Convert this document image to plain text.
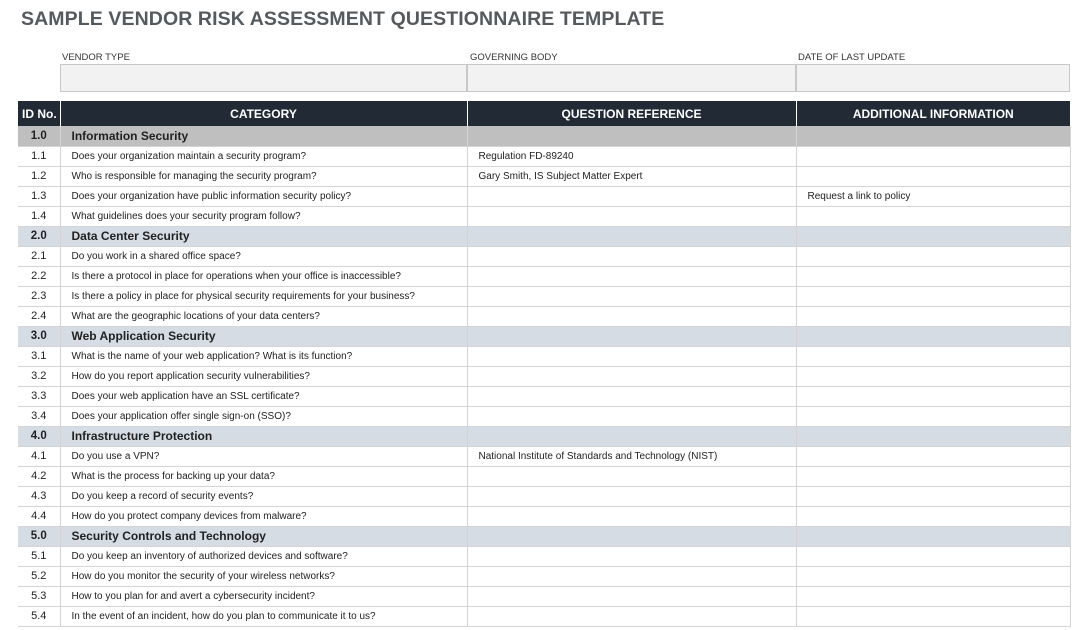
SAMPLE VENDOR RISK ASSESSMENT QUESTIONNAIRE TEMPLATE
VENDOR TYPE	GOVERNING BODY	DATE OF LAST UPDATE
ID No.	CATEGORY	QUESTION REFERENCE	ADDITIONAL INFORMATION
1.0	Information Security		
1.1	Does your organization maintain a security program?	Regulation FD-89240	
1.2	Who is responsible for managing the security program?	Gary Smith, IS Subject Matter Expert	
1.3	Does your organization have public information security policy?		Request a link to policy
1.4	What guidelines does your security program follow?		
2.0	Data Center Security		
2.1	Do you work in a shared office space?		
2.2	Is there a protocol in place for operations when your office is inaccessible?		
2.3	Is there a policy in place for physical security requirements for your business?		
2.4	What are the geographic locations of your data centers?		
3.0	Web Application Security		
3.1	What is the name of your web application? What is its function?		
3.2	How do you report application security vulnerabilities?		
3.3	Does your web application have an SSL certificate?		
3.4	Does your application offer single sign-on (SSO)?		
4.0	Infrastructure Protection		
4.1	Do you use a VPN?	National Institute of Standards and Technology (NIST)	
4.2	What is the process for backing up your data?		
4.3	Do you keep a record of security events?		
4.4	How do you protect company devices from malware?		
5.0	Security Controls and Technology		
5.1	Do you keep an inventory of authorized devices and software?		
5.2	How do you monitor the security of your wireless networks?		
5.3	How to you plan for and avert a cybersecurity incident?		
5.4	In the event of an incident, how do you plan to communicate it to us?		
